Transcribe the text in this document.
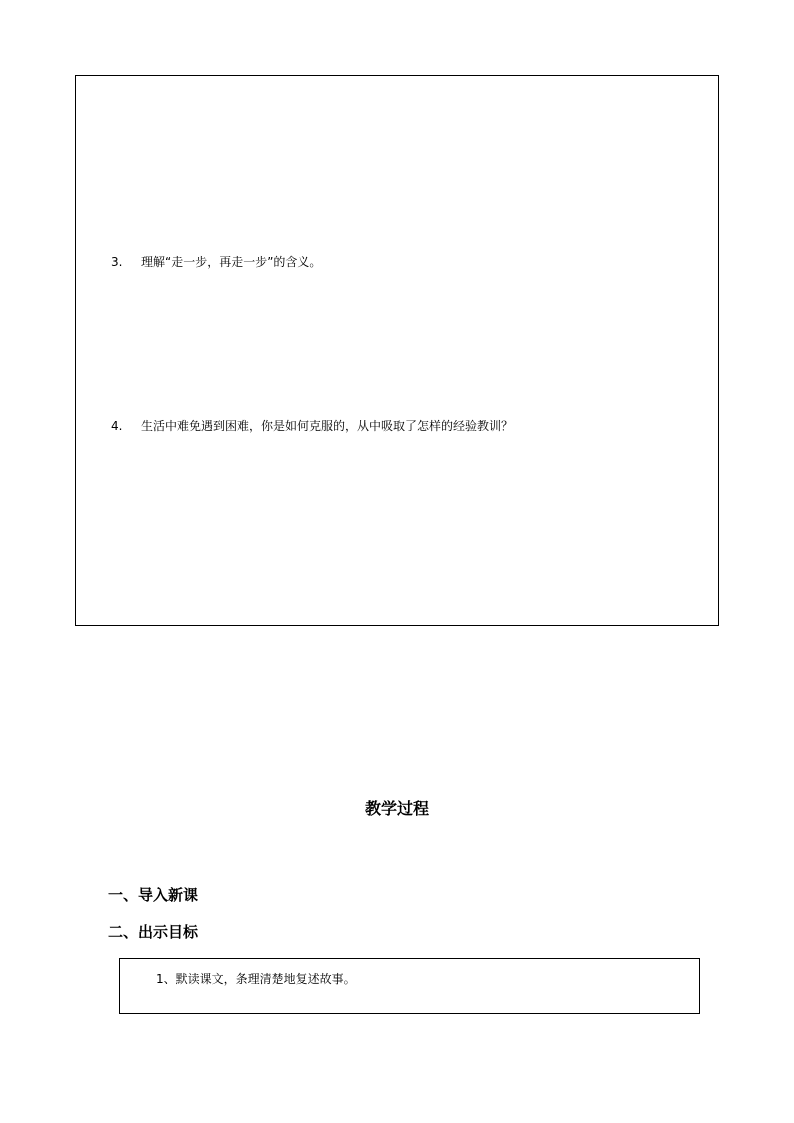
3. 理解“走一步，再走一步”的含义。
4. 生活中难免遇到困难，你是如何克服的，从中吸取了怎样的经验教训？
教学过程
一、导入新课
二、出示目标
1、默读课文，条理清楚地复述故事。
